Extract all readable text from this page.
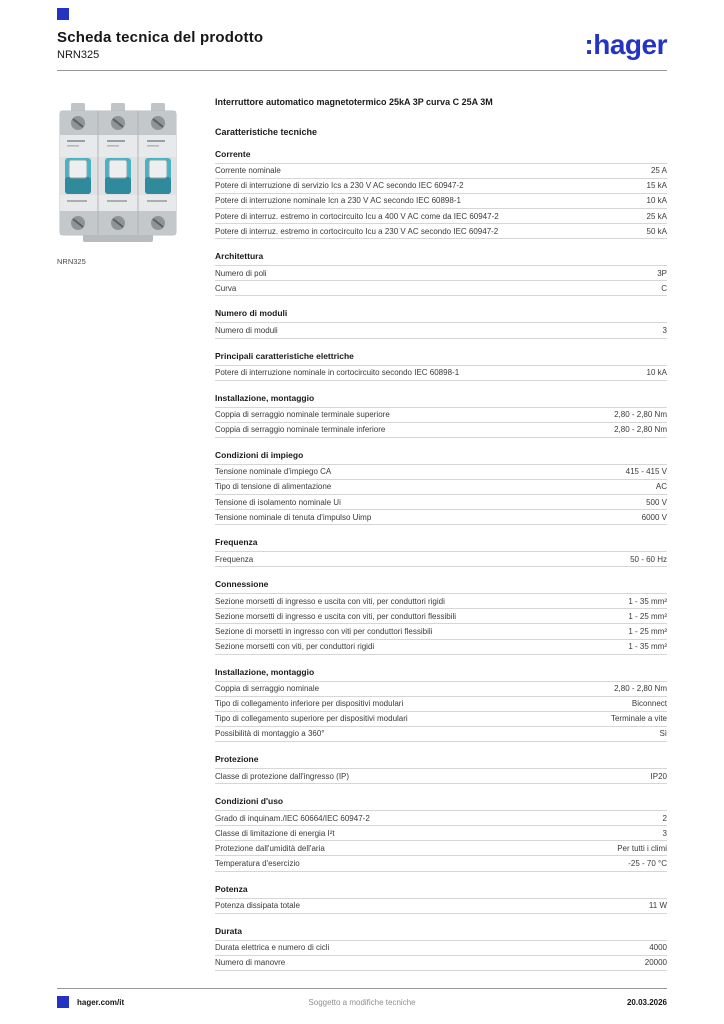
Scheda tecnica del prodotto
NRN325	:hager
NRN325
Interruttore automatico magnetotermico 25kA 3P curva C 25A 3M
Caratteristiche tecniche
Corrente
Corrente nominale	25 A
Potere di interruzione di servizio Ics a 230 V AC secondo IEC 60947-2	15 kA
Potere di interruzione nominale Icn a 230 V AC secondo IEC 60898-1	10 kA
Potere di interruz. estremo in cortocircuito Icu a 400 V AC come da IEC 60947-2	25 kA
Potere di interruz. estremo in cortocircuito Icu a 230 V AC secondo IEC 60947-2	50 kA
Architettura
Numero di poli	3P
Curva	C
Numero di moduli
Numero di moduli	3
Principali caratteristiche elettriche
Potere di interruzione nominale in cortocircuito secondo IEC 60898-1	10 kA
Installazione, montaggio
Coppia di serraggio nominale terminale superiore	2,80 - 2,80 Nm
Coppia di serraggio nominale terminale inferiore	2,80 - 2,80 Nm
Condizioni di impiego
Tensione nominale d'impiego CA	415 - 415 V
Tipo di tensione di alimentazione	AC
Tensione di isolamento nominale Ui	500 V
Tensione nominale di tenuta d'impulso Uimp	6000 V
Frequenza
Frequenza	50 - 60 Hz
Connessione
Sezione morsetti di ingresso e uscita con viti, per conduttori rigidi	1 - 35 mm²
Sezione morsetti di ingresso e uscita con viti, per conduttori flessibili	1 - 25 mm²
Sezione di morsetti in ingresso con viti per conduttori flessibili	1 - 25 mm²
Sezione morsetti con viti, per conduttori rigidi	1 - 35 mm²
Installazione, montaggio
Coppia di serraggio nominale	2,80 - 2,80 Nm
Tipo di collegamento inferiore per dispositivi modulari	Biconnect
Tipo di collegamento superiore per dispositivi modulari	Terminale a vite
Possibilità di montaggio a 360°	Sì
Protezione
Classe di protezione dall'ingresso (IP)	IP20
Condizioni d'uso
Grado di inquinam./IEC 60664/IEC 60947-2	2
Classe di limitazione di energia I²t	3
Protezione dall'umidità dell'aria	Per tutti i climi
Temperatura d'esercizio	-25 - 70 °C
Potenza
Potenza dissipata totale	11 W
Durata
Durata elettrica e numero di cicli	4000
Numero di manovre	20000
hager.com/it	Soggetto a modifiche tecniche	20.03.2026
